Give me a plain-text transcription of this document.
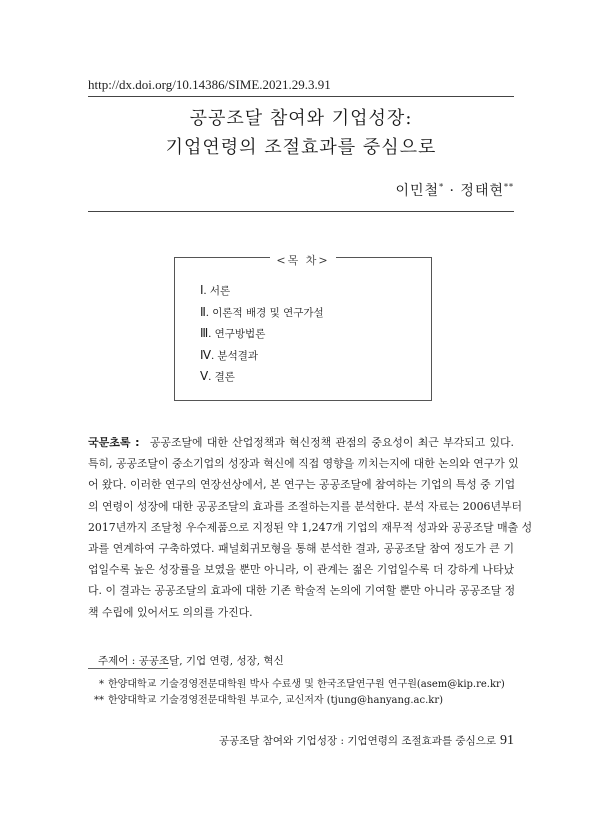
http://dx.doi.org/10.14386/SIME.2021.29.3.91
공공조달 참여와 기업성장:
기업연령의 조절효과를 중심으로
이민철* · 정태현**
<목 차>
Ⅰ. 서론
Ⅱ. 이론적 배경 및 연구가설
Ⅲ. 연구방법론
Ⅳ. 분석결과
Ⅴ. 결론
국문초록 : 공공조달에 대한 산업정책과 혁신정책 관점의 중요성이 최근 부각되고 있다. 특히, 공공조달이 중소기업의 성장과 혁신에 직접 영향을 끼치는지에 대한 논의와 연구가 있 어 왔다. 이러한 연구의 연장선상에서, 본 연구는 공공조달에 참여하는 기업의 특성 중 기업 의 연령이 성장에 대한 공공조달의 효과를 조절하는지를 분석한다. 분석 자료는 2006년부터 2017년까지 조달청 우수제품으로 지정된 약 1,247개 기업의 재무적 성과와 공공조달 매출 성 과를 연계하여 구축하였다. 패널회귀모형을 통해 분석한 결과, 공공조달 참여 정도가 큰 기 업일수록 높은 성장률을 보였을 뿐만 아니라, 이 관계는 젊은 기업일수록 더 강하게 나타났 다. 이 결과는 공공조달의 효과에 대한 기존 학술적 논의에 기여할 뿐만 아니라 공공조달 정 책 수립에 있어서도 의의를 가진다.
주제어 : 공공조달, 기업 연령, 성장, 혁신
* 한양대학교 기술경영전문대학원 박사 수료생 및 한국조달연구원 연구원(asem@kip.re.kr)
** 한양대학교 기술경영전문대학원 부교수, 교신저자 (tjung@hanyang.ac.kr)
공공조달 참여와 기업성장 : 기업연령의 조절효과를 중심으로 91
